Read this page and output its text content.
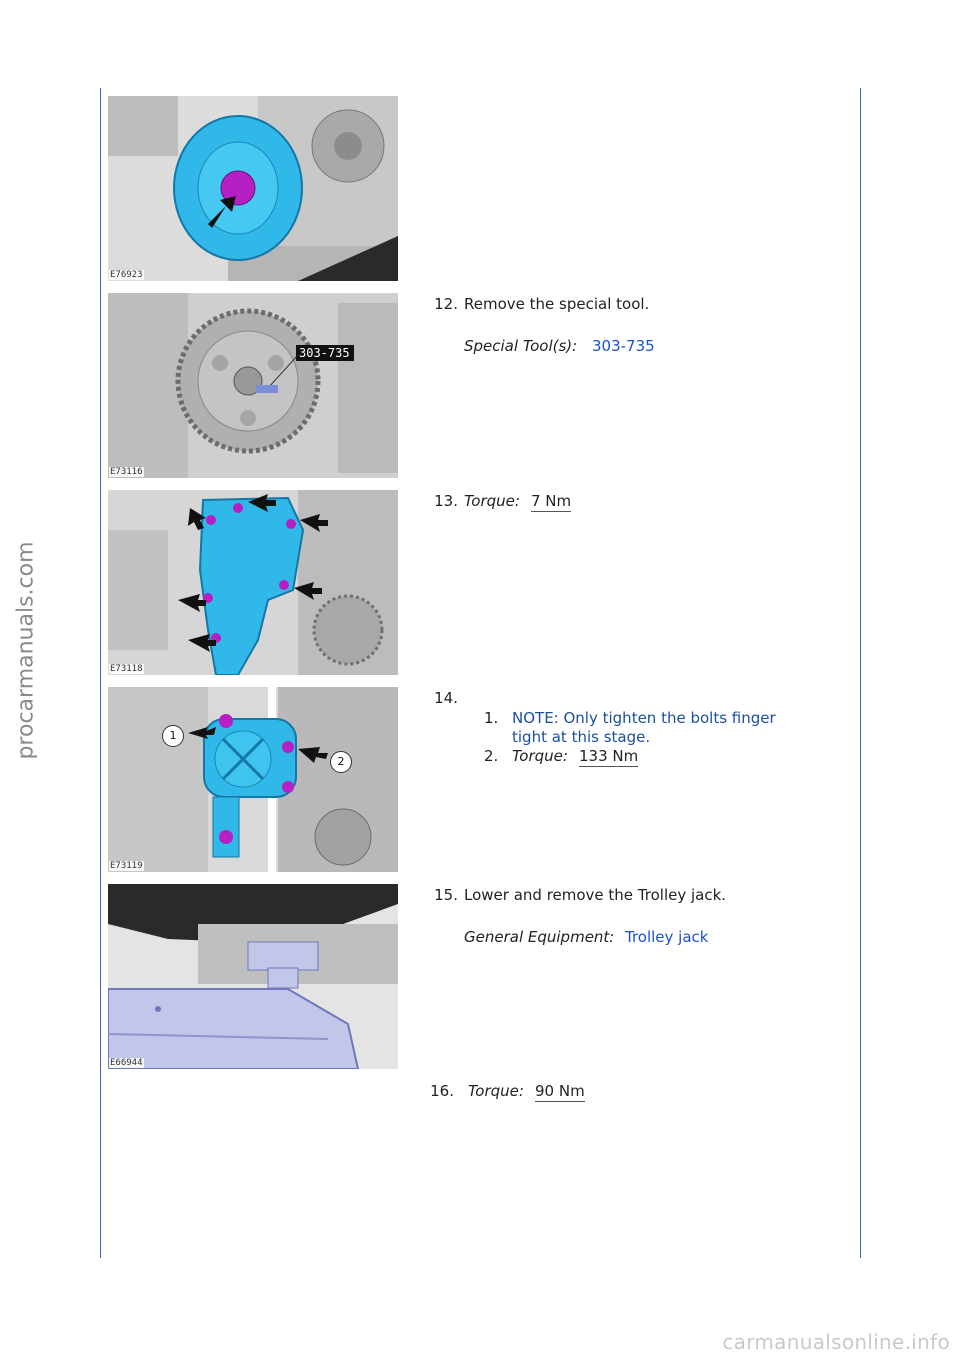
procarmanuals.com
carmanualsonline.info
E76923
303-735
E73116
E73118
1
2
E73119
E66944
12. Remove the special tool.
Special Tool(s): 303-735
13. Torque: 7 Nm
14.
1. NOTE: Only tighten the bolts finger
tight at this stage.
2. Torque: 133 Nm
15. Lower and remove the Trolley jack.
General Equipment: Trolley jack
16. Torque: 90 Nm
